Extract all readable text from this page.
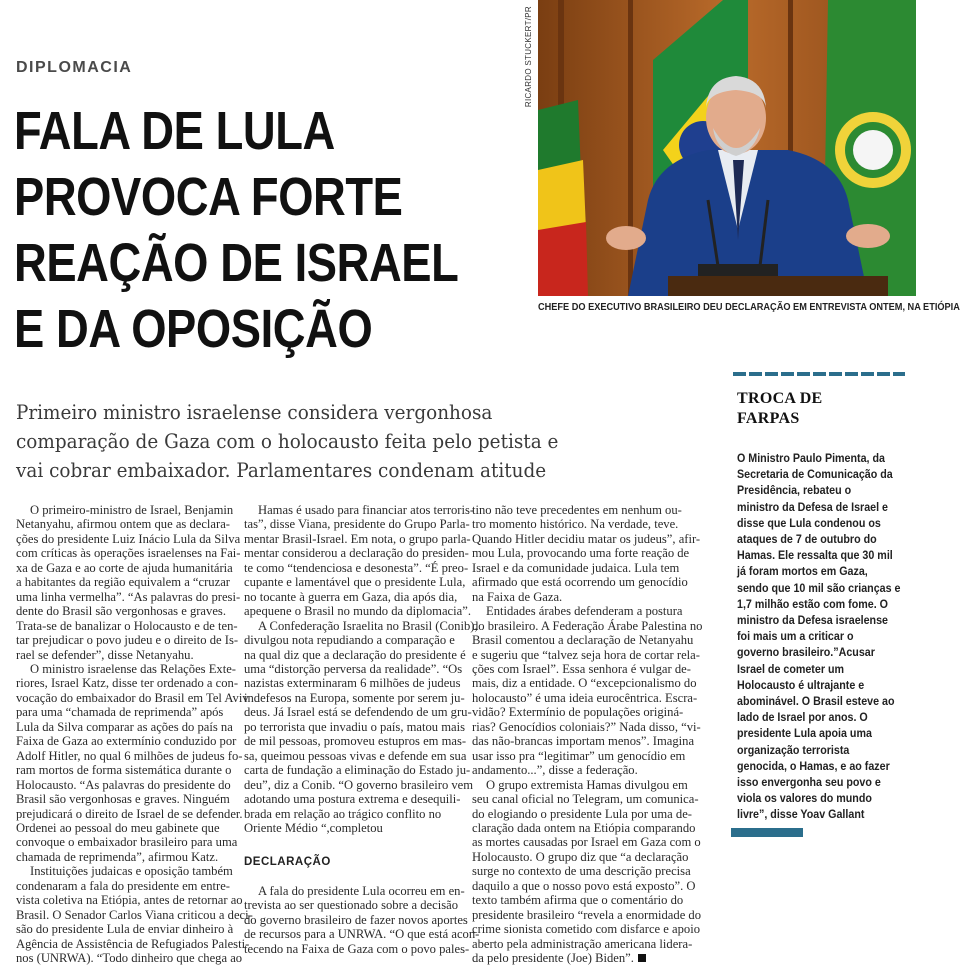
DIPLOMACIA
FALA DE LULA
PROVOCA FORTE
REAÇÃO DE ISRAEL
E DA OPOSIÇÃO
RICARDO STUCKERT/PR
CHEFE DO EXECUTIVO BRASILEIRO DEU DECLARAÇÃO EM ENTREVISTA ONTEM, NA ETIÓPIA
Primeiro ministro israelense considera vergonhosa
comparação de Gaza com o holocausto feita pelo petista e
vai cobrar embaixador. Parlamentares condenam atitude
O primeiro-ministro de Israel, Benjamin
Netanyahu, afirmou ontem que as declara-
ções do presidente Luiz Inácio Lula da Silva
com críticas às operações israelenses na Fai-
xa de Gaza e ao corte de ajuda humanitária
a habitantes da região equivalem a “cruzar
uma linha vermelha”. “As palavras do presi-
dente do Brasil são vergonhosas e graves.
Trata-se de banalizar o Holocausto e de ten-
tar prejudicar o povo judeu e o direito de Is-
rael se defender”, disse Netanyahu.
O ministro israelense das Relações Exte-
riores, Israel Katz, disse ter ordenado a con-
vocação do embaixador do Brasil em Tel Aviv
para uma “chamada de reprimenda” após
Lula da Silva comparar as ações do país na
Faixa de Gaza ao extermínio conduzido por
Adolf Hitler, no qual 6 milhões de judeus fo-
ram mortos de forma sistemática durante o
Holocausto. “As palavras do presidente do
Brasil são vergonhosas e graves. Ninguém
prejudicará o direito de Israel de se defender.
Ordenei ao pessoal do meu gabinete que
convoque o embaixador brasileiro para uma
chamada de reprimenda”, afirmou Katz.
Instituições judaicas e oposição também
condenaram a fala do presidente em entre-
vista coletiva na Etiópia, antes de retornar ao
Brasil. O Senador Carlos Viana criticou a deci-
são do presidente Lula de enviar dinheiro à
Agência de Assistência de Refugiados Palesti-
nos (UNRWA). “Todo dinheiro que chega ao
Hamas é usado para financiar atos terroris-
tas”, disse Viana, presidente do Grupo Parla-
mentar Brasil-Israel. Em nota, o grupo parla-
mentar considerou a declaração do presiden-
te como “tendenciosa e desonesta”. “É preo-
cupante e lamentável que o presidente Lula,
no tocante à guerra em Gaza, dia após dia,
apequene o Brasil no mundo da diplomacia”.
A Confederação Israelita no Brasil (Conib),
divulgou nota repudiando a comparação e
na qual diz que a declaração do presidente é
uma “distorção perversa da realidade”. “Os
nazistas exterminaram 6 milhões de judeus
indefesos na Europa, somente por serem ju-
deus. Já Israel está se defendendo de um gru-
po terrorista que invadiu o país, matou mais
de mil pessoas, promoveu estupros em mas-
sa, queimou pessoas vivas e defende em sua
carta de fundação a eliminação do Estado ju-
deu”, diz a Conib. “O governo brasileiro vem
adotando uma postura extrema e desequili-
brada em relação ao trágico conflito no
Oriente Médio “,completou
DECLARAÇÃO
A fala do presidente Lula ocorreu em en-
trevista ao ser questionado sobre a decisão
do governo brasileiro de fazer novos aportes
de recursos para a UNRWA. “O que está acon-
tecendo na Faixa de Gaza com o povo pales-
tino não teve precedentes em nenhum ou-
tro momento histórico. Na verdade, teve.
Quando Hitler decidiu matar os judeus”, afir-
mou Lula, provocando uma forte reação de
Israel e da comunidade judaica. Lula tem
afirmado que está ocorrendo um genocídio
na Faixa de Gaza.
Entidades árabes defenderam a postura
do brasileiro. A Federação Árabe Palestina no
Brasil comentou a declaração de Netanyahu
e sugeriu que “talvez seja hora de cortar rela-
ções com Israel”. Essa senhora é vulgar de-
mais, diz a entidade. O “excepcionalismo do
holocausto” é uma ideia eurocêntrica. Escra-
vidão? Extermínio de populações originá-
rias? Genocídios coloniais?” Nada disso, “vi-
das não-brancas importam menos”. Imagina
usar isso pra “legitimar” um genocídio em
andamento...”, disse a federação.
O grupo extremista Hamas divulgou em
seu canal oficial no Telegram, um comunica-
do elogiando o presidente Lula por uma de-
claração dada ontem na Etiópia comparando
as mortes causadas por Israel em Gaza com o
Holocausto. O grupo diz que “a declaração
surge no contexto de uma descrição precisa
daquilo a que o nosso povo está exposto”. O
texto também afirma que o comentário do
presidente brasileiro “revela a enormidade do
crime sionista cometido com disfarce e apoio
aberto pela administração americana lidera-
da pelo presidente (Joe) Biden”.
TROCA DE
FARPAS
O Ministro Paulo Pimenta, da
Secretaria de Comunicação da
Presidência, rebateu o
ministro da Defesa de Israel e
disse que Lula condenou os
ataques de 7 de outubro do
Hamas. Ele ressalta que 30 mil
já foram mortos em Gaza,
sendo que 10 mil são crianças e
1,7 milhão estão com fome. O
ministro da Defesa israelense
foi mais um a criticar o
governo brasileiro.”Acusar
Israel de cometer um
Holocausto é ultrajante e
abominável. O Brasil esteve ao
lado de Israel por anos. O
presidente Lula apoia uma
organização terrorista
genocida, o Hamas, e ao fazer
isso envergonha seu povo e
viola os valores do mundo
livre”, disse Yoav Gallant
